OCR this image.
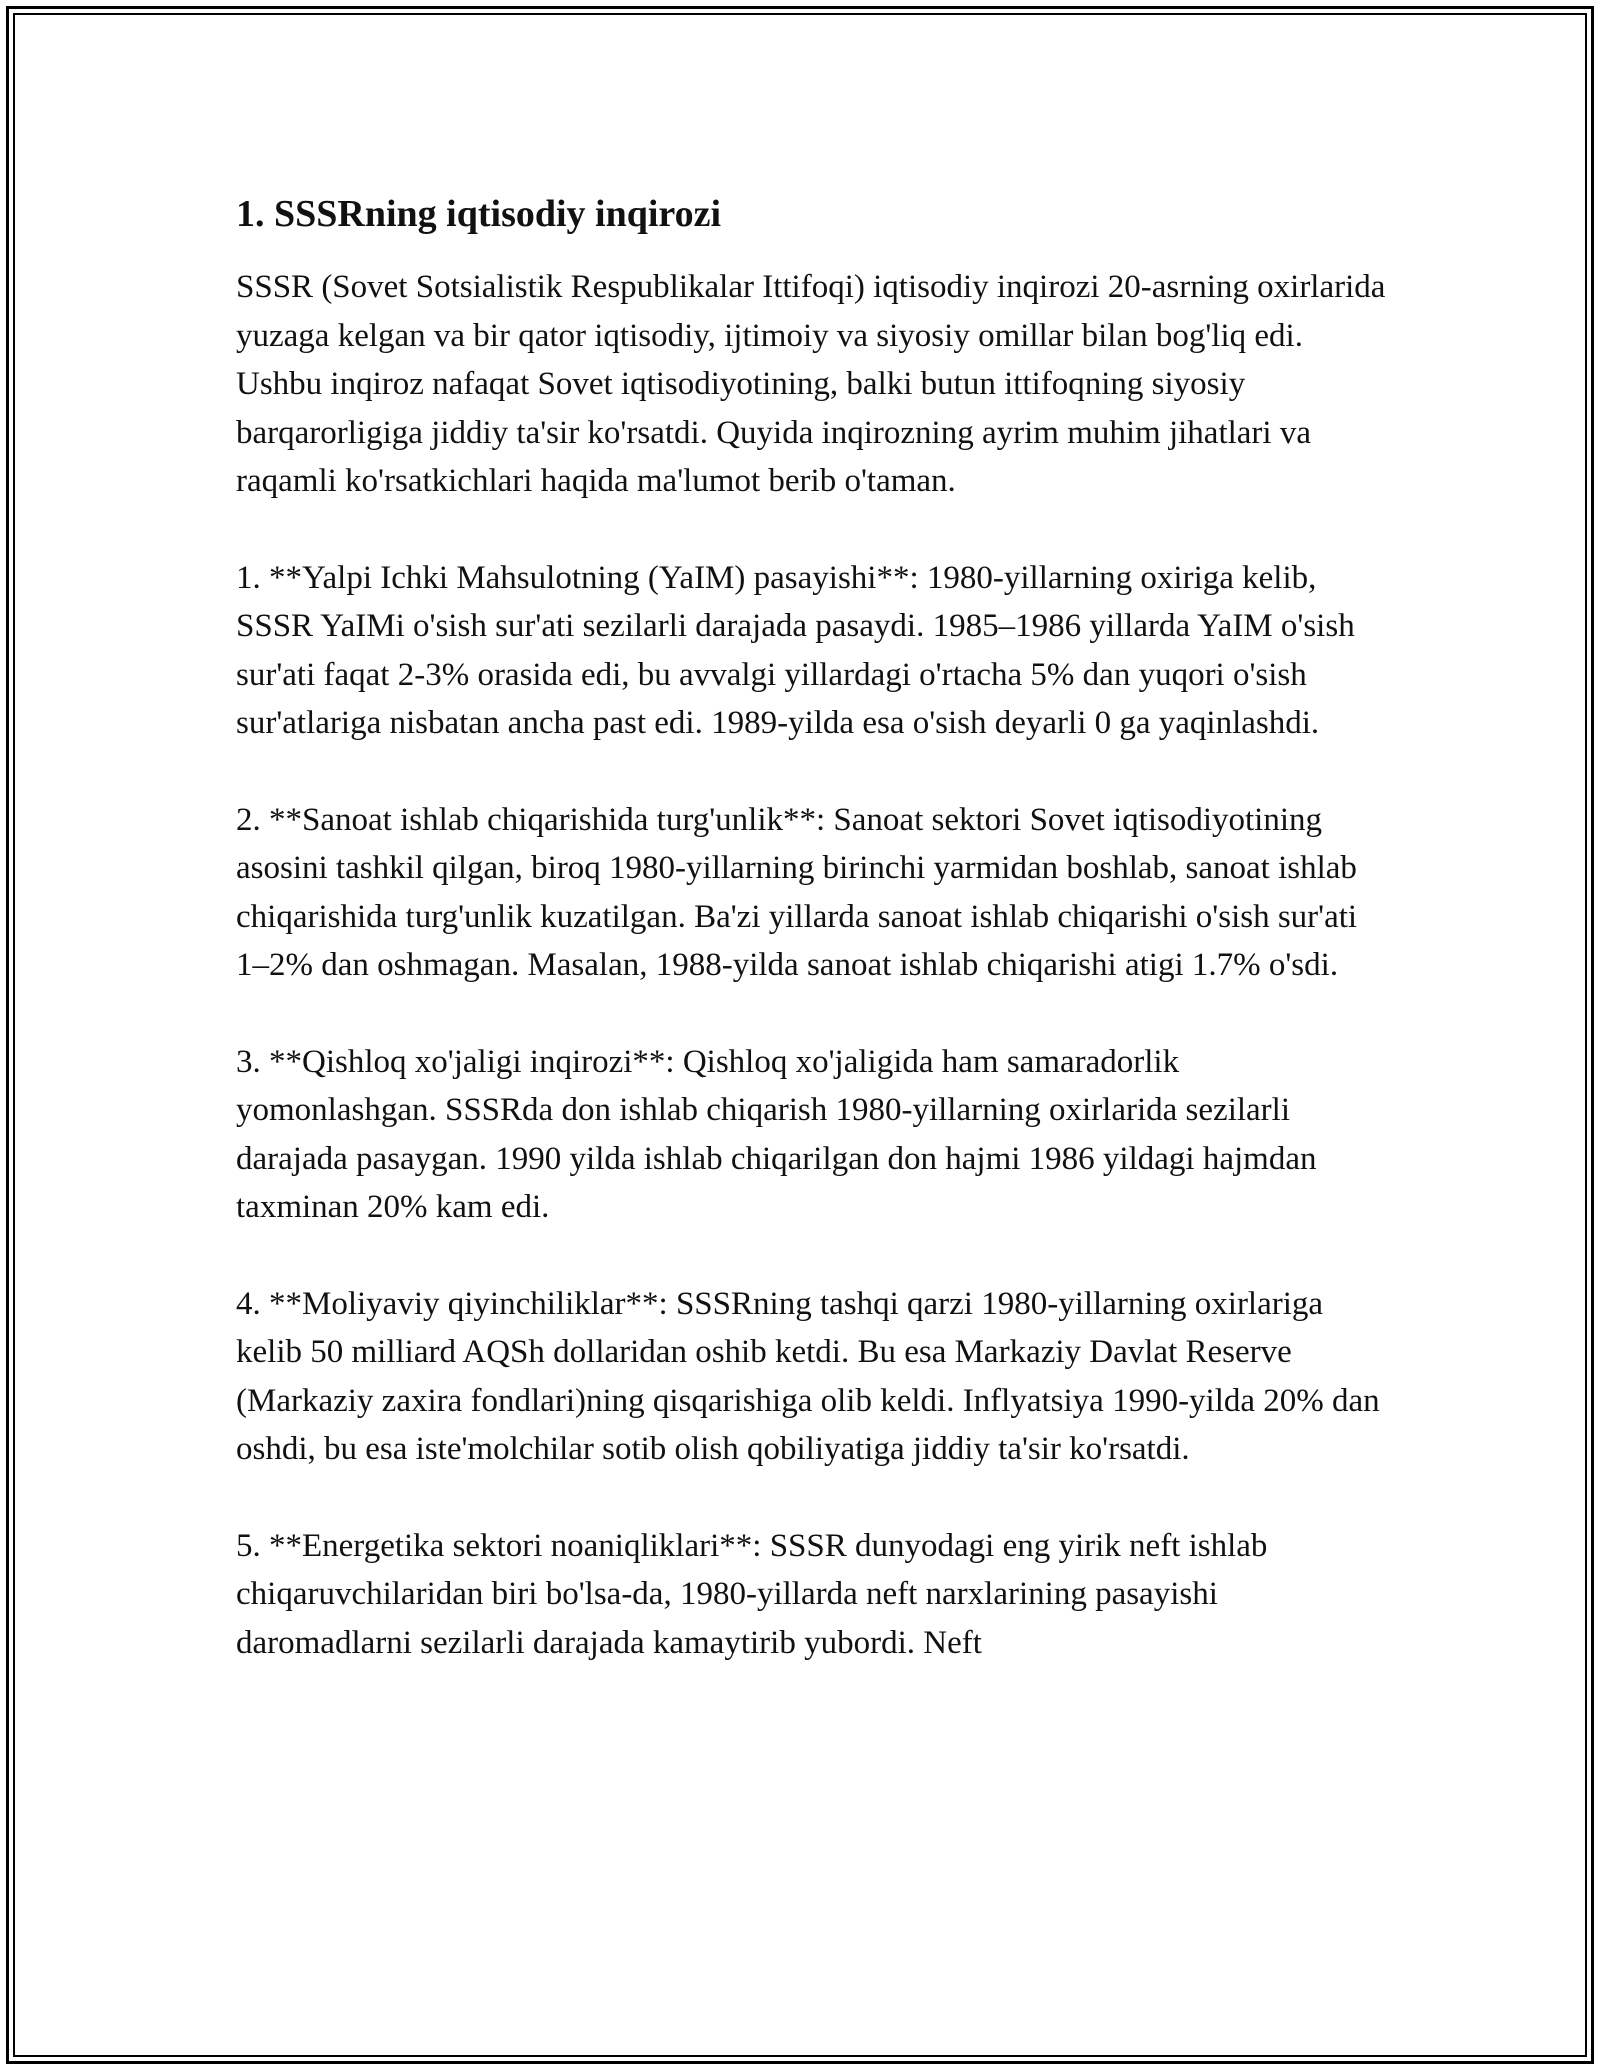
1. SSSRning iqtisodiy inqirozi

SSSR (Sovet Sotsialistik Respublikalar Ittifoqi) iqtisodiy inqirozi 20-asrning oxirlarida yuzaga kelgan va bir qator iqtisodiy, ijtimoiy va siyosiy omillar bilan bog'liq edi. Ushbu inqiroz nafaqat Sovet iqtisodiyotining, balki butun ittifoqning siyosiy barqarorligiga jiddiy ta'sir ko'rsatdi. Quyida inqirozning ayrim muhim jihatlari va raqamli ko'rsatkichlari haqida ma'lumot berib o'taman.

1. **Yalpi Ichki Mahsulotning (YaIM) pasayishi**: 1980-yillarning oxiriga kelib, SSSR YaIMi o'sish sur'ati sezilarli darajada pasaydi. 1985–1986 yillarda YaIM o'sish sur'ati faqat 2-3% orasida edi, bu avvalgi yillardagi o'rtacha 5% dan yuqori o'sish sur'atlariga nisbatan ancha past edi. 1989-yilda esa o'sish deyarli 0 ga yaqinlashdi.

2. **Sanoat ishlab chiqarishida turg'unlik**: Sanoat sektori Sovet iqtisodiyotining asosini tashkil qilgan, biroq 1980-yillarning birinchi yarmidan boshlab, sanoat ishlab chiqarishida turg'unlik kuzatilgan. Ba'zi yillarda sanoat ishlab chiqarishi o'sish sur'ati 1–2% dan oshmagan. Masalan, 1988-yilda sanoat ishlab chiqarishi atigi 1.7% o'sdi.

3. **Qishloq xo'jaligi inqirozi**: Qishloq xo'jaligida ham samaradorlik yomonlashgan. SSSRda don ishlab chiqarish 1980-yillarning oxirlarida sezilarli darajada pasaygan. 1990 yilda ishlab chiqarilgan don hajmi 1986 yildagi hajmdan taxminan 20% kam edi.

4. **Moliyaviy qiyinchiliklar**: SSSRning tashqi qarzi 1980-yillarning oxirlariga kelib 50 milliard AQSh dollaridan oshib ketdi. Bu esa Markaziy Davlat Reserve (Markaziy zaxira fondlari)ning qisqarishiga olib keldi. Inflyatsiya 1990-yilda 20% dan oshdi, bu esa iste'molchilar sotib olish qobiliyatiga jiddiy ta'sir ko'rsatdi.

5. **Energetika sektori noaniqliklari**: SSSR dunyodagi eng yirik neft ishlab chiqaruvchilaridan biri bo'lsa-da, 1980-yillarda neft narxlarining pasayishi daromadlarni sezilarli darajada kamaytirib yubordi. Neft
